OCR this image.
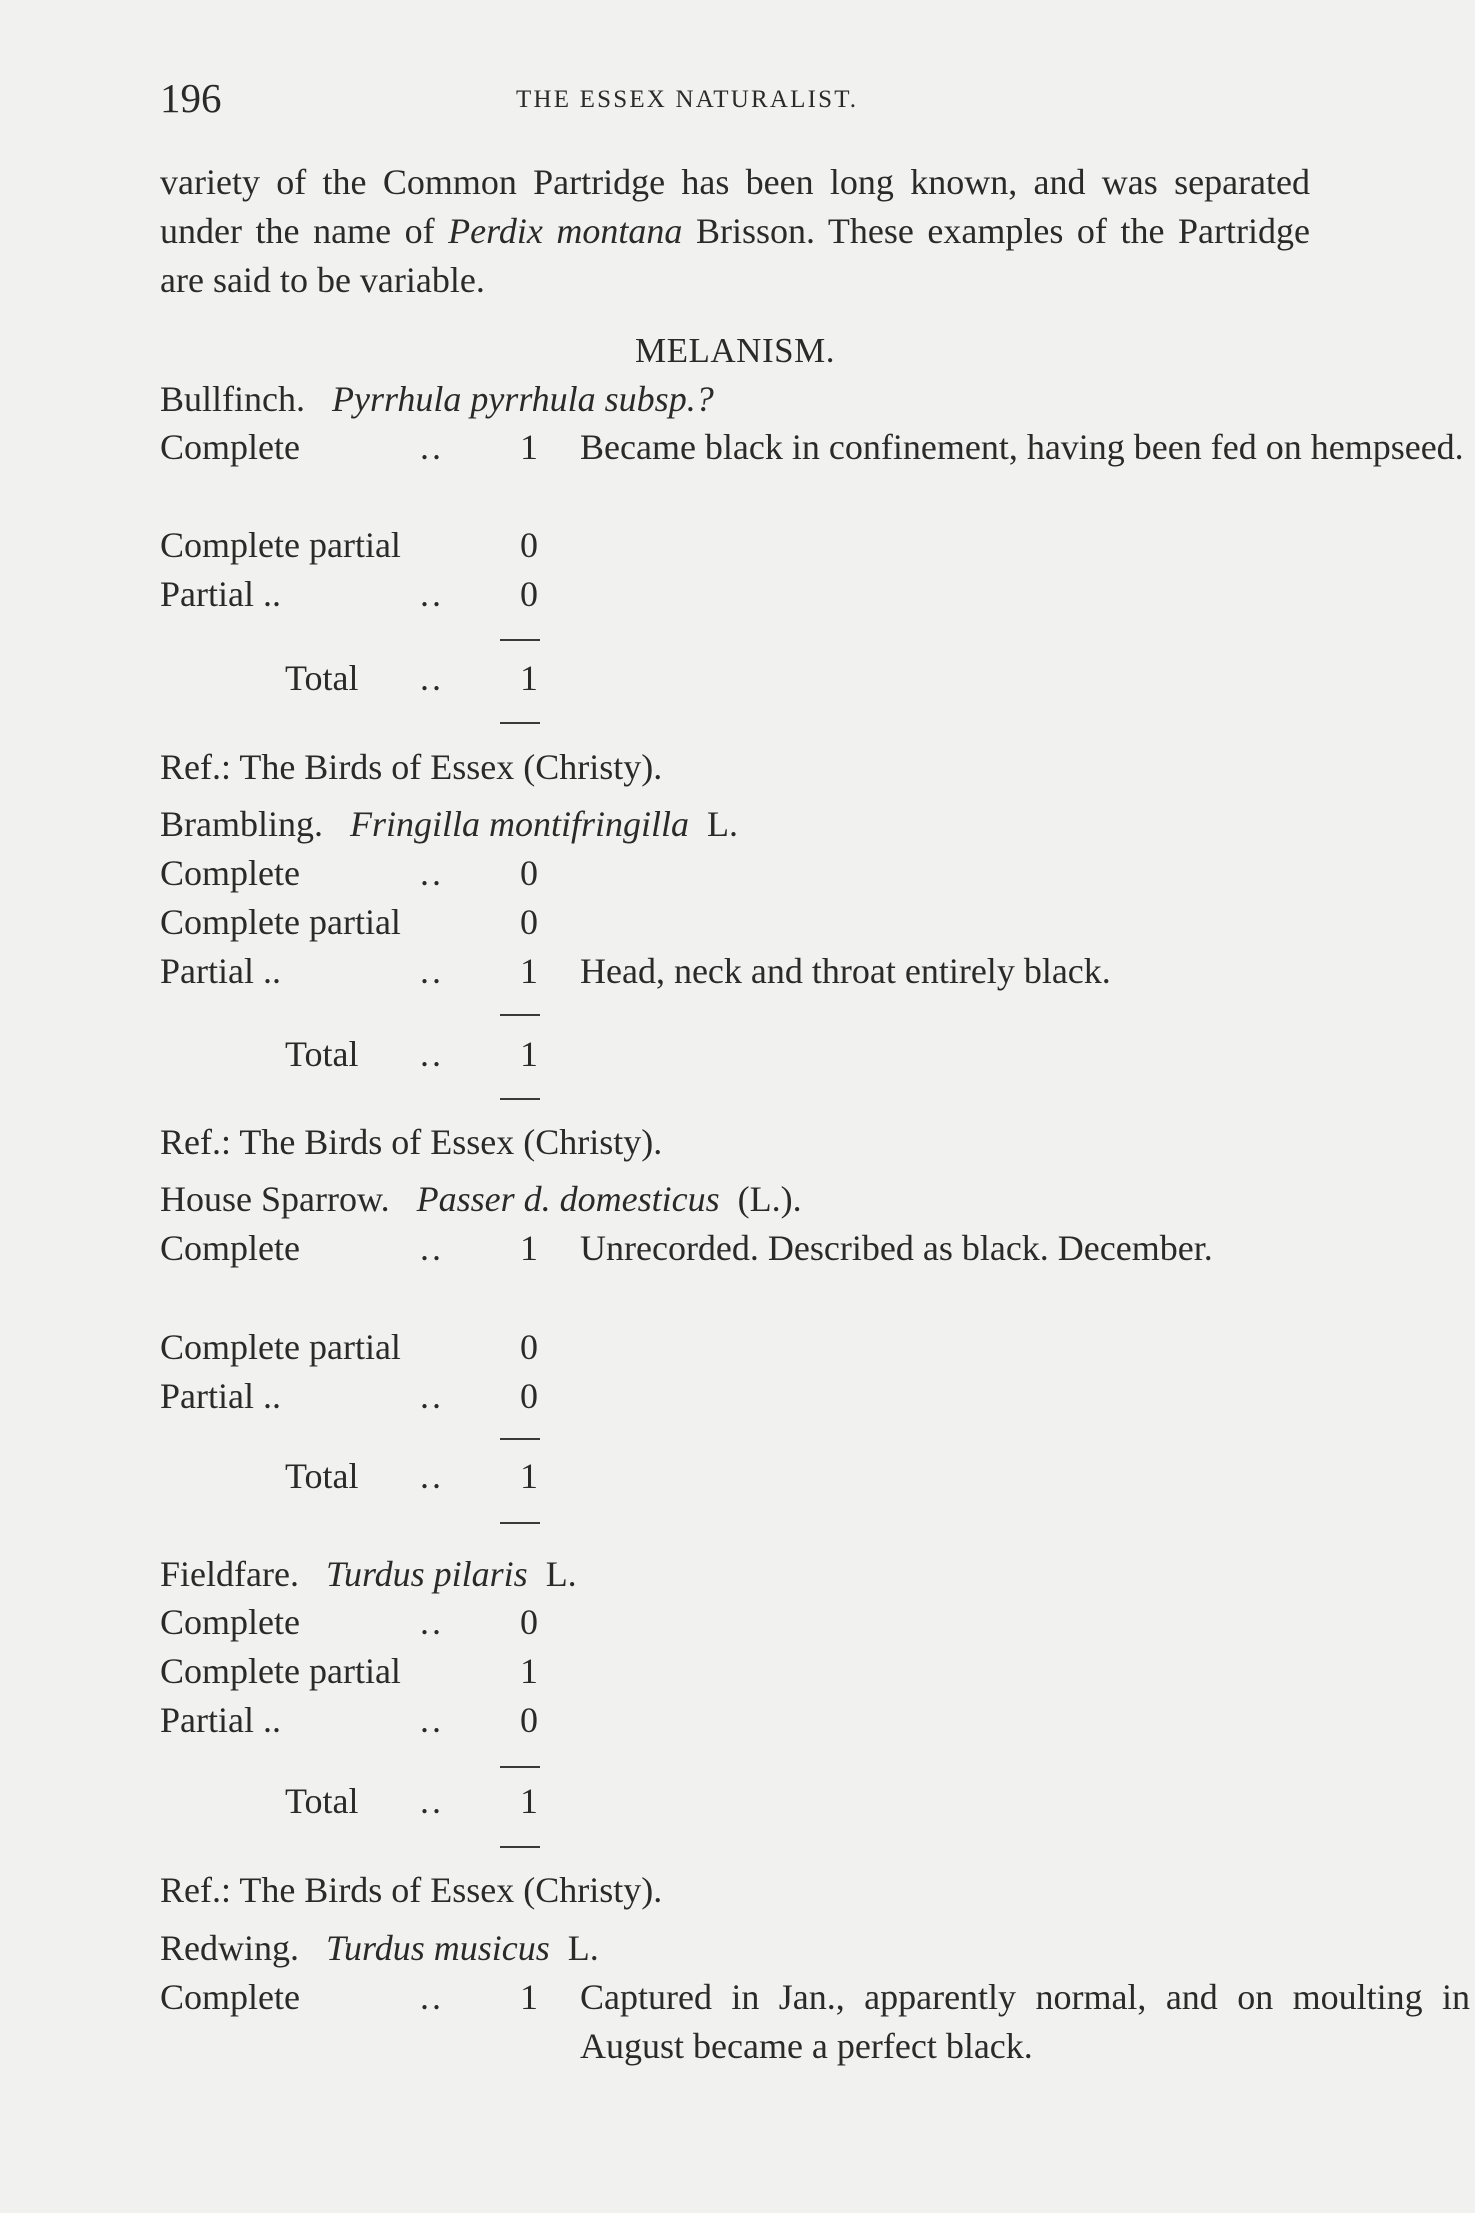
196	THE ESSEX NATURALIST.
variety of the Common Partridge has been long known, and was separated under the name of Perdix montana Brisson. These examples of the Partridge are said to be variable.
MELANISM.
Bullfinch. Pyrrhula pyrrhula subsp.?
Complete	.. 1 Became black in confinement, having been fed on hempseed.
Complete partial	0
Partial ..	.. 0
Total .. 1
Ref.: The Birds of Essex (Christy).
Brambling. Fringilla montifringilla L.
Complete	.. 0
Complete partial	0
Partial ..	.. 1 Head, neck and throat entirely black.
Total .. 1
Ref.: The Birds of Essex (Christy).
House Sparrow. Passer d. domesticus (L.).
Complete	.. 1 Unrecorded. Described as black. December.
Complete partial	0
Partial ..	.. 0
Total .. 1
Fieldfare. Turdus pilaris L.
Complete	.. 0
Complete partial	1
Partial ..	.. 0
Total .. 1
Ref.: The Birds of Essex (Christy).
Redwing. Turdus musicus L.
Complete	.. 1 Captured in Jan., apparently normal, and on moulting in August became a perfect black.
